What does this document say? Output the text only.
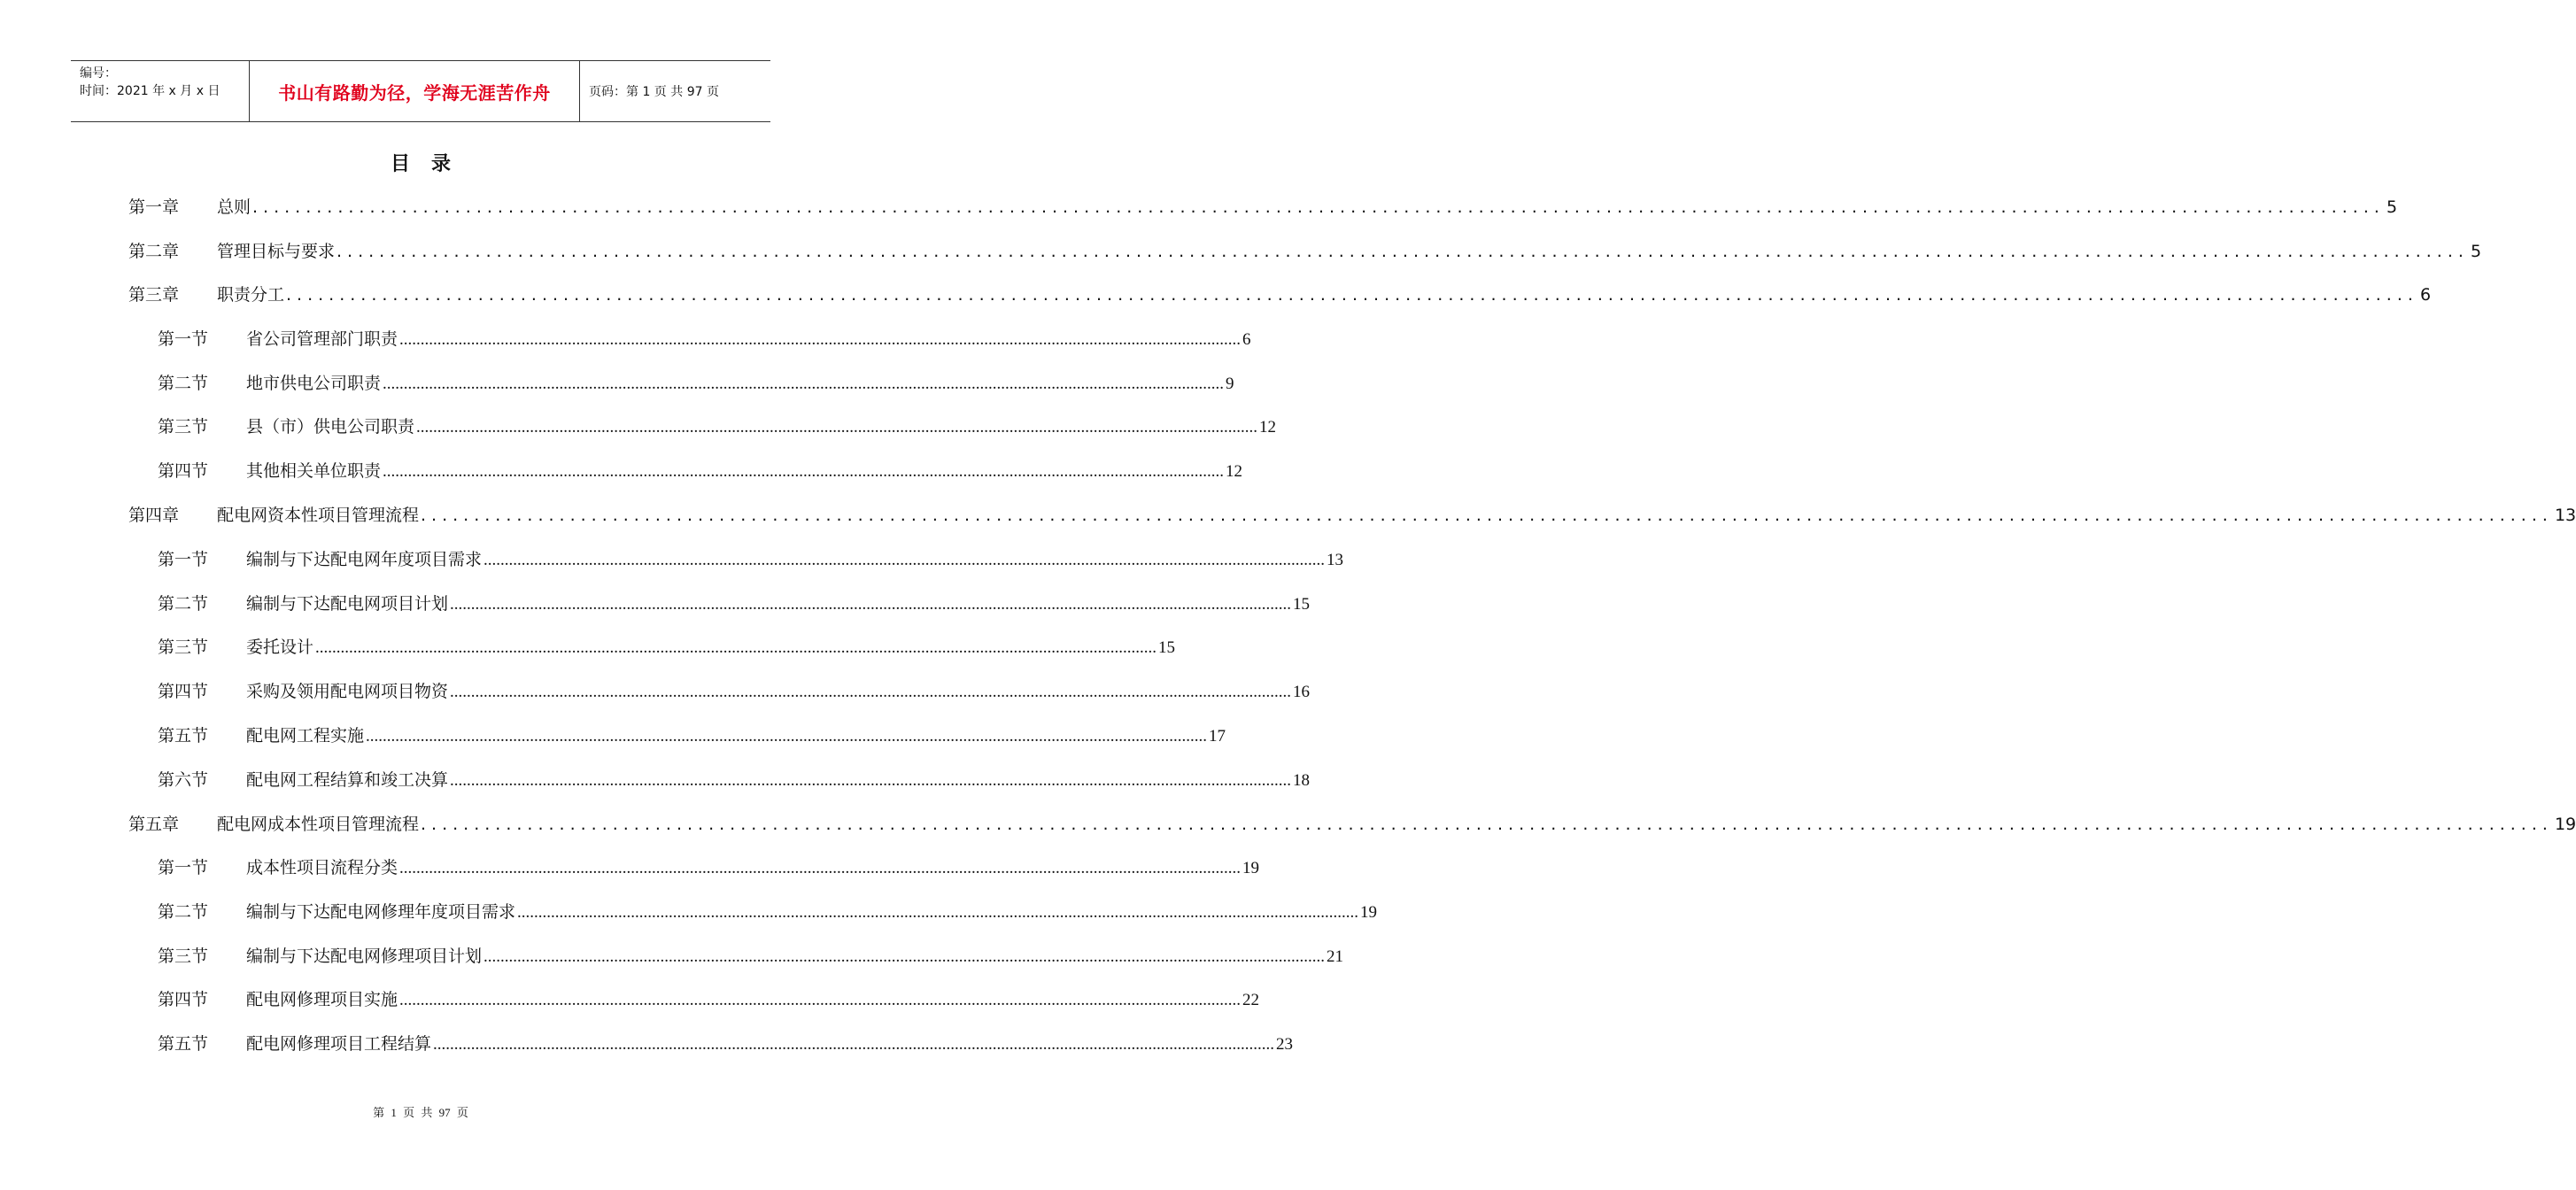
编号：
时间：2021 年 x 月 x 日	书山有路勤为径，学海无涯苦作舟	页码：第 1 页 共 97 页
目录
第一章	总则 ........................................................................................................................................................................................................ 5
第二章	管理目标与要求 ........................................................................................................................................................................................................ 5
第三章	职责分工 ........................................................................................................................................................................................................ 6
第一节	省公司管理部门职责 ........................................................................................................................................................................................................ 6
第二节	地市供电公司职责 ........................................................................................................................................................................................................ 9
第三节	县（市）供电公司职责 ........................................................................................................................................................................................................ 12
第四节	其他相关单位职责 ........................................................................................................................................................................................................ 12
第四章	配电网资本性项目管理流程 ........................................................................................................................................................................................................ 13
第一节	编制与下达配电网年度项目需求 ........................................................................................................................................................................................................ 13
第二节	编制与下达配电网项目计划 ........................................................................................................................................................................................................ 15
第三节	委托设计 ........................................................................................................................................................................................................ 15
第四节	采购及领用配电网项目物资 ........................................................................................................................................................................................................ 16
第五节	配电网工程实施 ........................................................................................................................................................................................................ 17
第六节	配电网工程结算和竣工决算 ........................................................................................................................................................................................................ 18
第五章	配电网成本性项目管理流程 ........................................................................................................................................................................................................ 19
第一节	成本性项目流程分类 ........................................................................................................................................................................................................ 19
第二节	编制与下达配电网修理年度项目需求 ........................................................................................................................................................................................................ 19
第三节	编制与下达配电网修理项目计划 ........................................................................................................................................................................................................ 21
第四节	配电网修理项目实施 ........................................................................................................................................................................................................ 22
第五节	配电网修理项目工程结算 ........................................................................................................................................................................................................ 23
第 1 页 共 97 页
